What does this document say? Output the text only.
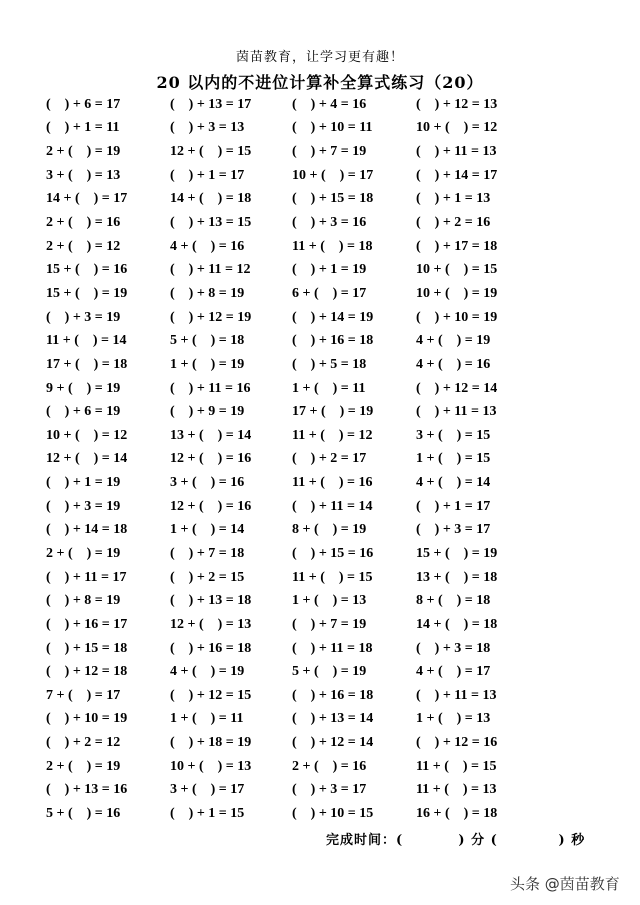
茵苗教育，让学习更有趣！
20 以内的不进位计算补全算式练习（20）
(    ) + 6 = 17	(    ) + 13 = 17	(    ) + 4 = 16	(    ) + 12 = 13
(    ) + 1 = 11	(    ) + 3 = 13	(    ) + 10 = 11	10 + (    ) = 12
2 + (    ) = 19	12 + (    ) = 15	(    ) + 7 = 19	(    ) + 11 = 13
3 + (    ) = 13	(    ) + 1 = 17	10 + (    ) = 17	(    ) + 14 = 17
14 + (    ) = 17	14 + (    ) = 18	(    ) + 15 = 18	(    ) + 1 = 13
2 + (    ) = 16	(    ) + 13 = 15	(    ) + 3 = 16	(    ) + 2 = 16
2 + (    ) = 12	4 + (    ) = 16	11 + (    ) = 18	(    ) + 17 = 18
15 + (    ) = 16	(    ) + 11 = 12	(    ) + 1 = 19	10 + (    ) = 15
15 + (    ) = 19	(    ) + 8 = 19	6 + (    ) = 17	10 + (    ) = 19
(    ) + 3 = 19	(    ) + 12 = 19	(    ) + 14 = 19	(    ) + 10 = 19
11 + (    ) = 14	5 + (    ) = 18	(    ) + 16 = 18	4 + (    ) = 19
17 + (    ) = 18	1 + (    ) = 19	(    ) + 5 = 18	4 + (    ) = 16
9 + (    ) = 19	(    ) + 11 = 16	1 + (    ) = 11	(    ) + 12 = 14
(    ) + 6 = 19	(    ) + 9 = 19	17 + (    ) = 19	(    ) + 11 = 13
10 + (    ) = 12	13 + (    ) = 14	11 + (    ) = 12	3 + (    ) = 15
12 + (    ) = 14	12 + (    ) = 16	(    ) + 2 = 17	1 + (    ) = 15
(    ) + 1 = 19	3 + (    ) = 16	11 + (    ) = 16	4 + (    ) = 14
(    ) + 3 = 19	12 + (    ) = 16	(    ) + 11 = 14	(    ) + 1 = 17
(    ) + 14 = 18	1 + (    ) = 14	8 + (    ) = 19	(    ) + 3 = 17
2 + (    ) = 19	(    ) + 7 = 18	(    ) + 15 = 16	15 + (    ) = 19
(    ) + 11 = 17	(    ) + 2 = 15	11 + (    ) = 15	13 + (    ) = 18
(    ) + 8 = 19	(    ) + 13 = 18	1 + (    ) = 13	8 + (    ) = 18
(    ) + 16 = 17	12 + (    ) = 13	(    ) + 7 = 19	14 + (    ) = 18
(    ) + 15 = 18	(    ) + 16 = 18	(    ) + 11 = 18	(    ) + 3 = 18
(    ) + 12 = 18	4 + (    ) = 19	5 + (    ) = 19	4 + (    ) = 17
7 + (    ) = 17	(    ) + 12 = 15	(    ) + 16 = 18	(    ) + 11 = 13
(    ) + 10 = 19	1 + (    ) = 11	(    ) + 13 = 14	1 + (    ) = 13
(    ) + 2 = 12	(    ) + 18 = 19	(    ) + 12 = 14	(    ) + 12 = 16
2 + (    ) = 19	10 + (    ) = 13	2 + (    ) = 16	11 + (    ) = 15
(    ) + 13 = 16	3 + (    ) = 17	(    ) + 3 = 17	11 + (    ) = 13
5 + (    ) = 16	(    ) + 1 = 15	(    ) + 10 = 15	16 + (    ) = 18
完成时间：(          ) 分 (           ) 秒
头条 @茵苗教育
